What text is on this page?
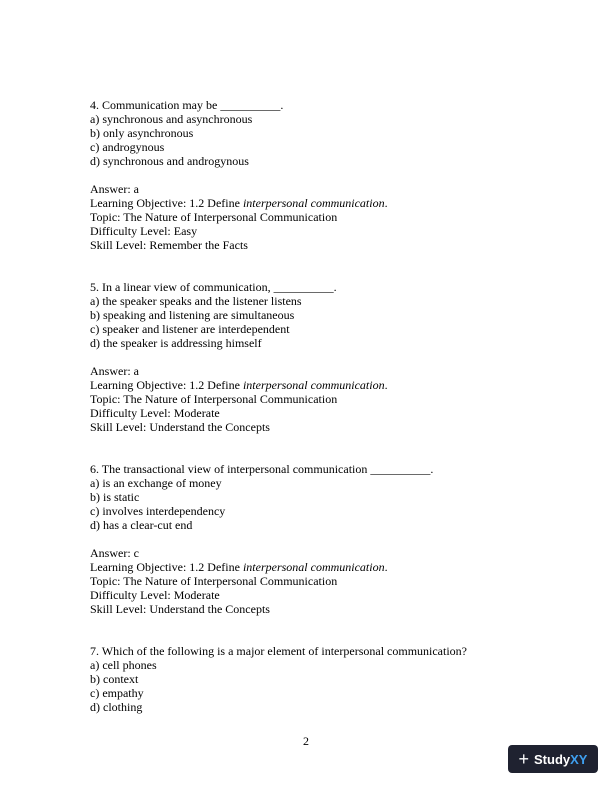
4. Communication may be __________.
a) synchronous and asynchronous
b) only asynchronous
c) androgynous
d) synchronous and androgynous
Answer: a
Learning Objective: 1.2 Define interpersonal communication.
Topic: The Nature of Interpersonal Communication
Difficulty Level: Easy
Skill Level: Remember the Facts
5. In a linear view of communication, __________.
a) the speaker speaks and the listener listens
b) speaking and listening are simultaneous
c) speaker and listener are interdependent
d) the speaker is addressing himself
Answer: a
Learning Objective: 1.2 Define interpersonal communication.
Topic: The Nature of Interpersonal Communication
Difficulty Level: Moderate
Skill Level: Understand the Concepts
6. The transactional view of interpersonal communication __________.
a) is an exchange of money
b) is static
c) involves interdependency
d) has a clear-cut end
Answer: c
Learning Objective: 1.2 Define interpersonal communication.
Topic: The Nature of Interpersonal Communication
Difficulty Level: Moderate
Skill Level: Understand the Concepts
7. Which of the following is a major element of interpersonal communication?
a) cell phones
b) context
c) empathy
d) clothing
2
+ StudyXY
